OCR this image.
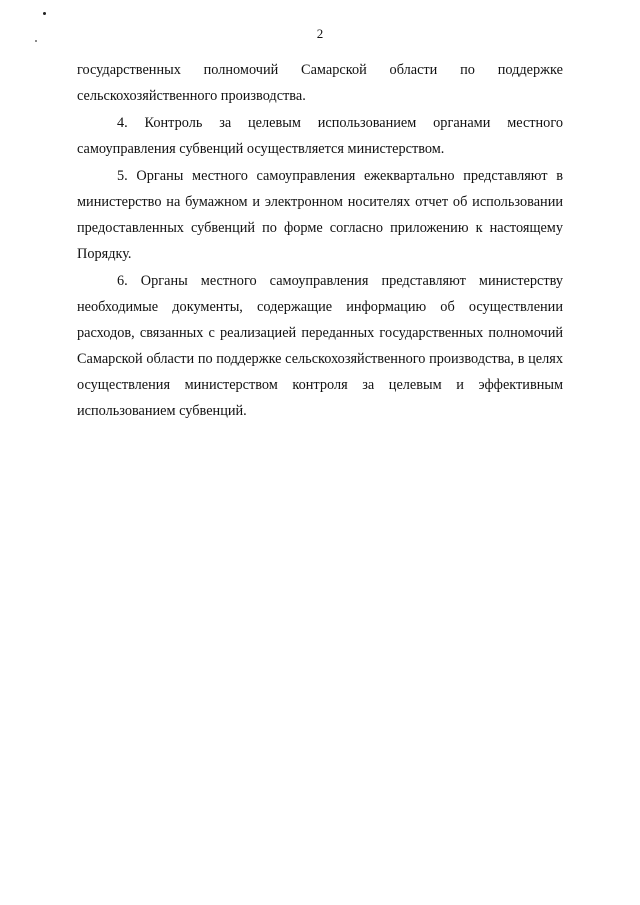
2

государственных полномочий Самарской области по поддержке сельскохозяйственного производства.

4. Контроль за целевым использованием органами местного самоуправления субвенций осуществляется министерством.

5. Органы местного самоуправления ежеквартально представляют в министерство на бумажном и электронном носителях отчет об использовании предоставленных субвенций по форме согласно приложению к настоящему Порядку.

6. Органы местного самоуправления представляют министерству необходимые документы, содержащие информацию об осуществлении расходов, связанных с реализацией переданных государственных полномочий Самарской области по поддержке сельскохозяйственного производства, в целях осуществления министерством контроля за целевым и эффективным использованием субвенций.
